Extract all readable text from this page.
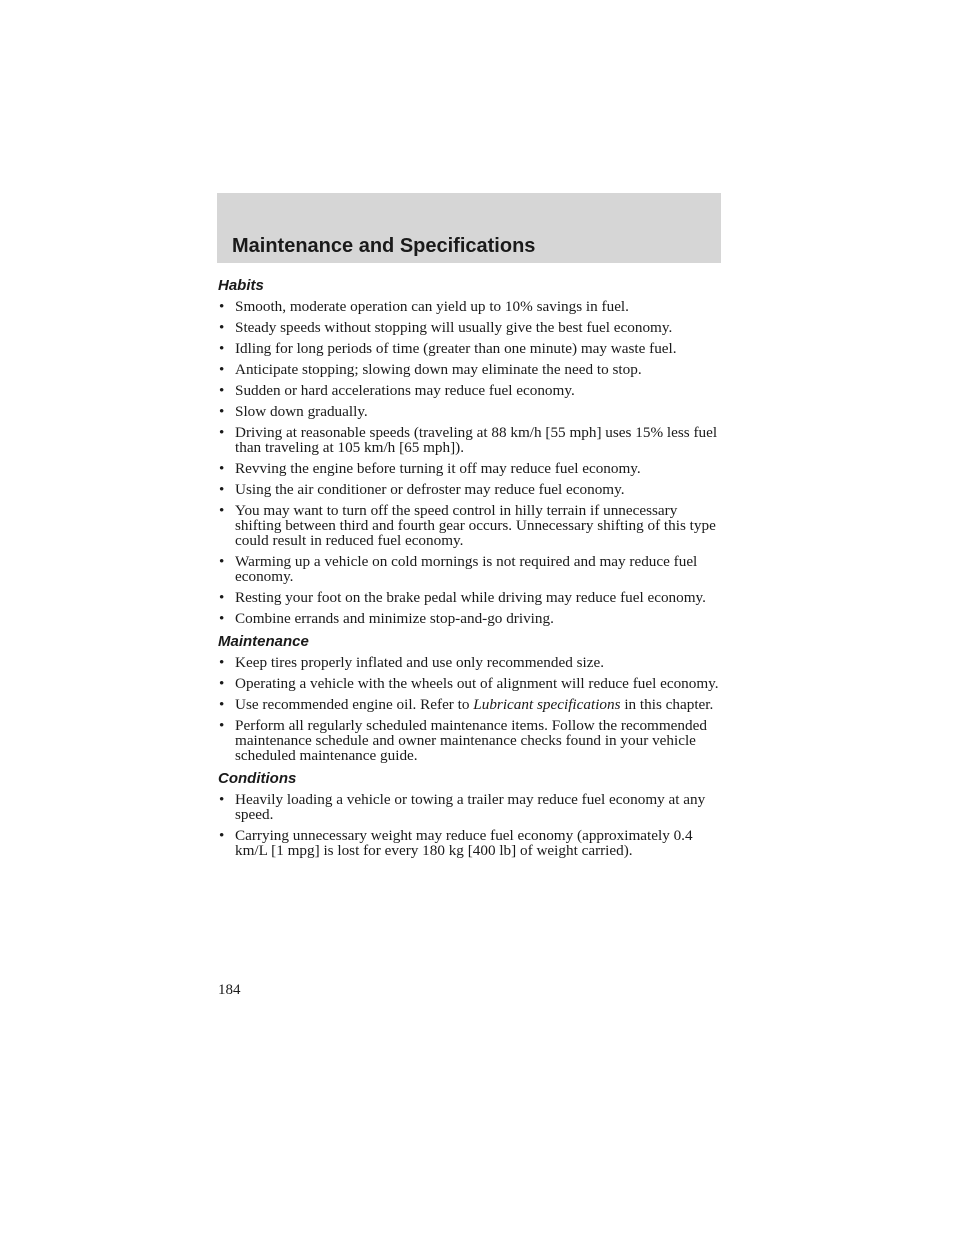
Maintenance and Specifications
Habits
• Smooth, moderate operation can yield up to 10% savings in fuel.
• Steady speeds without stopping will usually give the best fuel economy.
• Idling for long periods of time (greater than one minute) may waste fuel.
• Anticipate stopping; slowing down may eliminate the need to stop.
• Sudden or hard accelerations may reduce fuel economy.
• Slow down gradually.
• Driving at reasonable speeds (traveling at 88 km/h [55 mph] uses 15% less fuel than traveling at 105 km/h [65 mph]).
• Revving the engine before turning it off may reduce fuel economy.
• Using the air conditioner or defroster may reduce fuel economy.
• You may want to turn off the speed control in hilly terrain if unnecessary shifting between third and fourth gear occurs. Unnecessary shifting of this type could result in reduced fuel economy.
• Warming up a vehicle on cold mornings is not required and may reduce fuel economy.
• Resting your foot on the brake pedal while driving may reduce fuel economy.
• Combine errands and minimize stop-and-go driving.
Maintenance
• Keep tires properly inflated and use only recommended size.
• Operating a vehicle with the wheels out of alignment will reduce fuel economy.
• Use recommended engine oil. Refer to Lubricant specifications in this chapter.
• Perform all regularly scheduled maintenance items. Follow the recommended maintenance schedule and owner maintenance checks found in your vehicle scheduled maintenance guide.
Conditions
• Heavily loading a vehicle or towing a trailer may reduce fuel economy at any speed.
• Carrying unnecessary weight may reduce fuel economy (approximately 0.4 km/L [1 mpg] is lost for every 180 kg [400 lb] of weight carried).
184
